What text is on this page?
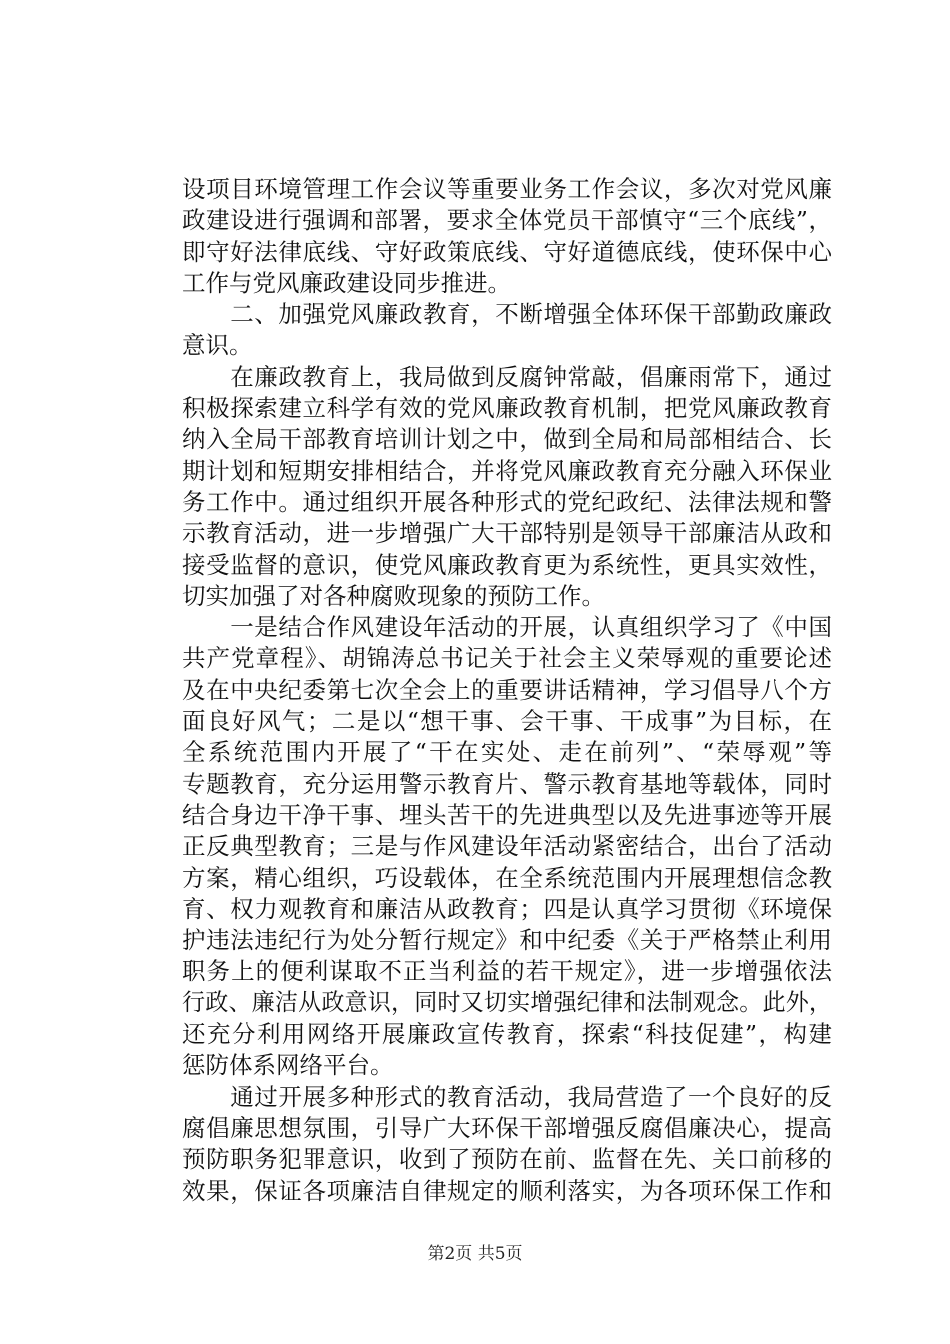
设项目环境管理工作会议等重要业务工作会议，多次对党风廉
政建设进行强调和部署，要求全体党员干部慎守“三个底线”，
即守好法律底线、守好政策底线、守好道德底线，使环保中心
工作与党风廉政建设同步推进。
　　二、加强党风廉政教育，不断增强全体环保干部勤政廉政
意识。
　　在廉政教育上，我局做到反腐钟常敲，倡廉雨常下，通过
积极探索建立科学有效的党风廉政教育机制，把党风廉政教育
纳入全局干部教育培训计划之中，做到全局和局部相结合、长
期计划和短期安排相结合，并将党风廉政教育充分融入环保业
务工作中。通过组织开展各种形式的党纪政纪、法律法规和警
示教育活动，进一步增强广大干部特别是领导干部廉洁从政和
接受监督的意识，使党风廉政教育更为系统性，更具实效性，
切实加强了对各种腐败现象的预防工作。
　　一是结合作风建设年活动的开展，认真组织学习了《中国
共产党章程》、胡锦涛总书记关于社会主义荣辱观的重要论述
及在中央纪委第七次全会上的重要讲话精神，学习倡导八个方
面良好风气；二是以“想干事、会干事、干成事”为目标，在
全系统范围内开展了“干在实处、走在前列”、“荣辱观”等
专题教育，充分运用警示教育片、警示教育基地等载体，同时
结合身边干净干事、埋头苦干的先进典型以及先进事迹等开展
正反典型教育；三是与作风建设年活动紧密结合，出台了活动
方案，精心组织，巧设载体，在全系统范围内开展理想信念教
育、权力观教育和廉洁从政教育；四是认真学习贯彻《环境保
护违法违纪行为处分暂行规定》和中纪委《关于严格禁止利用
职务上的便利谋取不正当利益的若干规定》，进一步增强依法
行政、廉洁从政意识，同时又切实增强纪律和法制观念。此外，
还充分利用网络开展廉政宣传教育，探索“科技促建”，构建
惩防体系网络平台。
　　通过开展多种形式的教育活动，我局营造了一个良好的反
腐倡廉思想氛围，引导广大环保干部增强反腐倡廉决心，提高
预防职务犯罪意识，收到了预防在前、监督在先、关口前移的
效果，保证各项廉洁自律规定的顺利落实，为各项环保工作和
第2页 共5页
